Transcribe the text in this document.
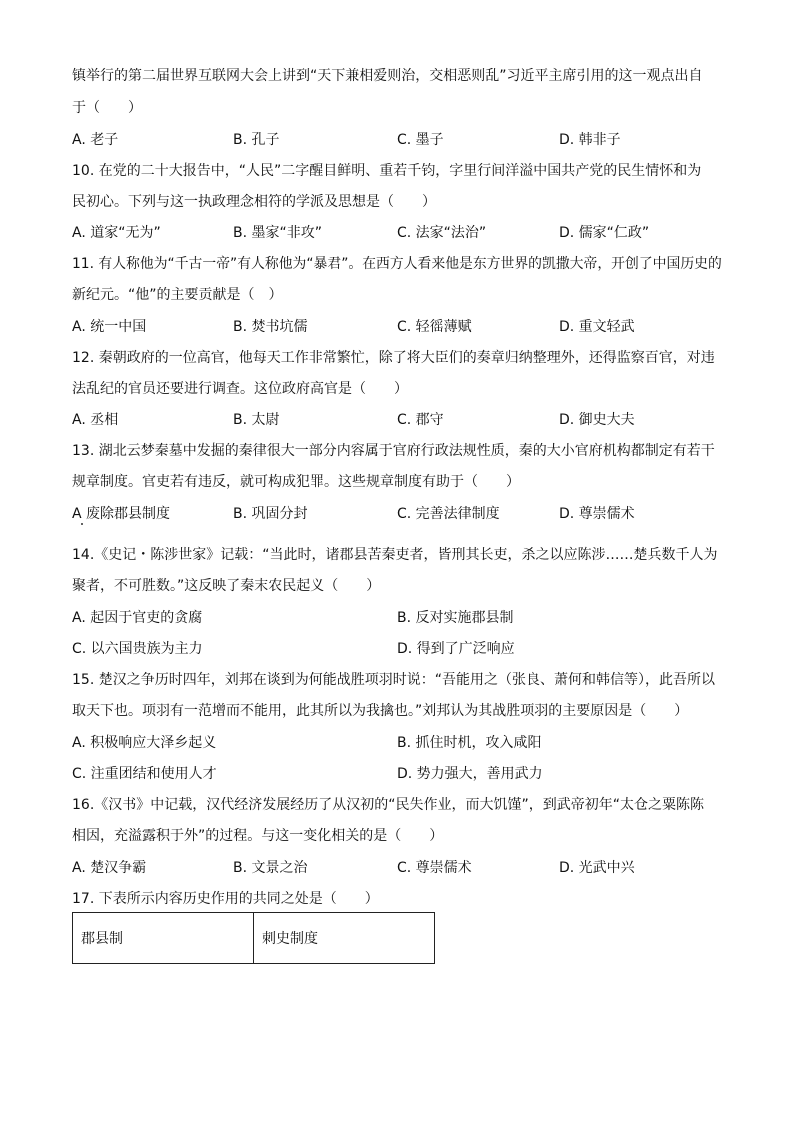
镇举行的第二届世界互联网大会上讲到“天下兼相爱则治，交相恶则乱”习近平主席引用的这一观点出自
于（　　）
A. 老子	B. 孔子	C. 墨子	D. 韩非子
10. 在党的二十大报告中，“人民”二字醒目鲜明、重若千钧，字里行间洋溢中国共产党的民生情怀和为
民初心。下列与这一执政理念相符的学派及思想是（　　）
A. 道家“无为”	B. 墨家“非攻”	C. 法家“法治”	D. 儒家“仁政”
11. 有人称他为“千古一帝”有人称他为“暴君”。在西方人看来他是东方世界的凯撒大帝，开创了中国历史的
新纪元。“他”的主要贡献是（　）
A. 统一中国	B. 焚书坑儒	C. 轻徭薄赋	D. 重文轻武
12. 秦朝政府的一位高官，他每天工作非常繁忙，除了将大臣们的奏章归纳整理外，还得监察百官，对违
法乱纪的官员还要进行调查。这位政府高官是（　　）
A. 丞相	B. 太尉	C. 郡守	D. 御史大夫
13. 湖北云梦秦墓中发掘的秦律很大一部分内容属于官府行政法规性质，秦的大小官府机构都制定有若干
规章制度。官吏若有违反，就可构成犯罪。这些规章制度有助于（　　）
A 废除郡县制度	B. 巩固分封	C. 完善法律制度	D. 尊崇儒术
14.《史记・陈涉世家》记载：“当此时，诸郡县苦秦吏者，皆刑其长吏，杀之以应陈涉……楚兵数千人为
聚者，不可胜数。”这反映了秦末农民起义（　　）
A. 起因于官吏的贪腐	B. 反对实施郡县制
C. 以六国贵族为主力	D. 得到了广泛响应
15. 楚汉之争历时四年，刘邦在谈到为何能战胜项羽时说：“吾能用之（张良、萧何和韩信等），此吾所以
取天下也。项羽有一范增而不能用，此其所以为我擒也。”刘邦认为其战胜项羽的主要原因是（　　）
A. 积极响应大泽乡起义	B. 抓住时机，攻入咸阳
C. 注重团结和使用人才	D. 势力强大，善用武力
16.《汉书》中记载，汉代经济发展经历了从汉初的“民失作业，而大饥馑”，到武帝初年“太仓之粟陈陈
相因，充溢露积于外”的过程。与这一变化相关的是（　　）
A. 楚汉争霸	B. 文景之治	C. 尊崇儒术	D. 光武中兴
17. 下表所示内容历史作用的共同之处是（　　）
郡县制	刺史制度
